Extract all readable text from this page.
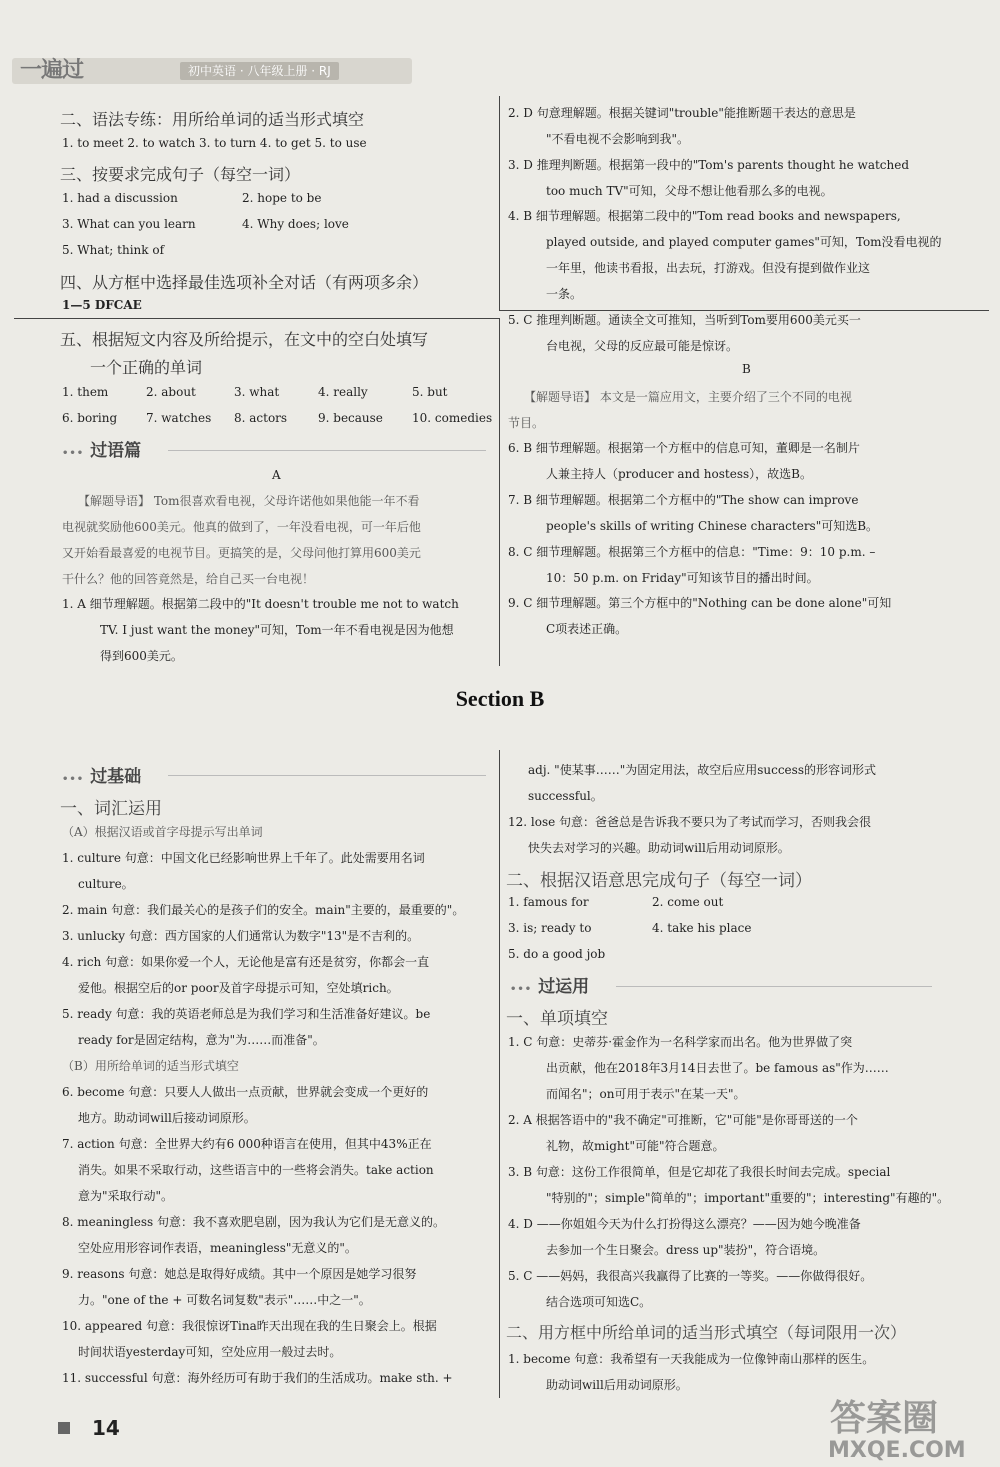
一遍过	初中英语 · 八年级上册 · RJ
二、语法专练：用所给单词的适当形式填空
1. to meet 2. to watch 3. to turn 4. to get 5. to use
三、按要求完成句子（每空一词）
1. had a discussion	2. hope to be
3. What can you learn	4. Why does; love
5. What; think of
四、从方框中选择最佳选项补全对话（有两项多余）
1—5 DFCAE
五、根据短文内容及所给提示，在文中的空白处填写
一个正确的单词
1. them	2. about	3. what	4. really	5. but
6. boring 7. watches 8. actors	9. because 10. comedies
••• 过语篇
A
【解题导语】 Tom很喜欢看电视，父母许诺他如果他能一年不看
电视就奖励他600美元。他真的做到了，一年没看电视，可一年后他
又开始看最喜爱的电视节目。更搞笑的是，父母问他打算用600美元
干什么？他的回答竟然是，给自己买一台电视！
1. A 细节理解题。根据第二段中的"It doesn't trouble me not to watch
TV. I just want the money"可知，Tom一年不看电视是因为他想
得到600美元。
2. D 句意理解题。根据关键词"trouble"能推断题干表达的意思是
"不看电视不会影响到我"。
3. D 推理判断题。根据第一段中的"Tom's parents thought he watched
too much TV"可知，父母不想让他看那么多的电视。
4. B 细节理解题。根据第二段中的"Tom read books and newspapers,
played outside, and played computer games"可知，Tom没看电视的
一年里，他读书看报，出去玩，打游戏。但没有提到做作业这
一条。
5. C 推理判断题。通读全文可推知，当听到Tom要用600美元买一
台电视，父母的反应最可能是惊讶。
B
【解题导语】 本文是一篇应用文，主要介绍了三个不同的电视
节目。
6. B 细节理解题。根据第一个方框中的信息可知，董卿是一名制片
人兼主持人（producer and hostess），故选B。
7. B 细节理解题。根据第二个方框中的"The show can improve
people's skills of writing Chinese characters"可知选B。
8. C 细节理解题。根据第三个方框中的信息："Time：9：10 p.m. –
10：50 p.m. on Friday"可知该节目的播出时间。
9. C 细节理解题。第三个方框中的"Nothing can be done alone"可知
C项表述正确。
Section B
••• 过基础
一、词汇运用
（A）根据汉语或首字母提示写出单词
1. culture 句意：中国文化已经影响世界上千年了。此处需要用名词
culture。
2. main 句意：我们最关心的是孩子们的安全。main"主要的，最重要的"。
3. unlucky 句意：西方国家的人们通常认为数字"13"是不吉利的。
4. rich 句意：如果你爱一个人，无论他是富有还是贫穷，你都会一直
爱他。根据空后的or poor及首字母提示可知，空处填rich。
5. ready 句意：我的英语老师总是为我们学习和生活准备好建议。be
ready for是固定结构，意为"为……而准备"。
（B）用所给单词的适当形式填空
6. become 句意：只要人人做出一点贡献，世界就会变成一个更好的
地方。助动词will后接动词原形。
7. action 句意：全世界大约有6 000种语言在使用，但其中43%正在
消失。如果不采取行动，这些语言中的一些将会消失。take action
意为"采取行动"。
8. meaningless 句意：我不喜欢肥皂剧，因为我认为它们是无意义的。
空处应用形容词作表语，meaningless"无意义的"。
9. reasons 句意：她总是取得好成绩。其中一个原因是她学习很努
力。"one of the + 可数名词复数"表示"……中之一"。
10. appeared 句意：我很惊讶Tina昨天出现在我的生日聚会上。根据
时间状语yesterday可知，空处应用一般过去时。
11. successful 句意：海外经历可有助于我们的生活成功。make sth. +
adj. "使某事……"为固定用法，故空后应用success的形容词形式
successful。
12. lose 句意：爸爸总是告诉我不要只为了考试而学习，否则我会很
快失去对学习的兴趣。助动词will后用动词原形。
二、根据汉语意思完成句子（每空一词）
1. famous for	2. come out
3. is; ready to	4. take his place
5. do a good job
••• 过运用
一、单项填空
1. C 句意：史蒂芬·霍金作为一名科学家而出名。他为世界做了突
出贡献，他在2018年3月14日去世了。be famous as"作为……
而闻名"；on可用于表示"在某一天"。
2. A 根据答语中的"我不确定"可推断，它"可能"是你哥哥送的一个
礼物，故might"可能"符合题意。
3. B 句意：这份工作很简单，但是它却花了我很长时间去完成。special
"特别的"；simple"简单的"；important"重要的"；interesting"有趣的"。
4. D ——你姐姐今天为什么打扮得这么漂亮？——因为她今晚准备
去参加一个生日聚会。dress up"装扮"，符合语境。
5. C ——妈妈，我很高兴我赢得了比赛的一等奖。——你做得很好。
结合选项可知选C。
二、用方框中所给单词的适当形式填空（每词限用一次）
1. become 句意：我希望有一天我能成为一位像钟南山那样的医生。
助动词will后用动词原形。
14	答案圈
MXQE.COM
